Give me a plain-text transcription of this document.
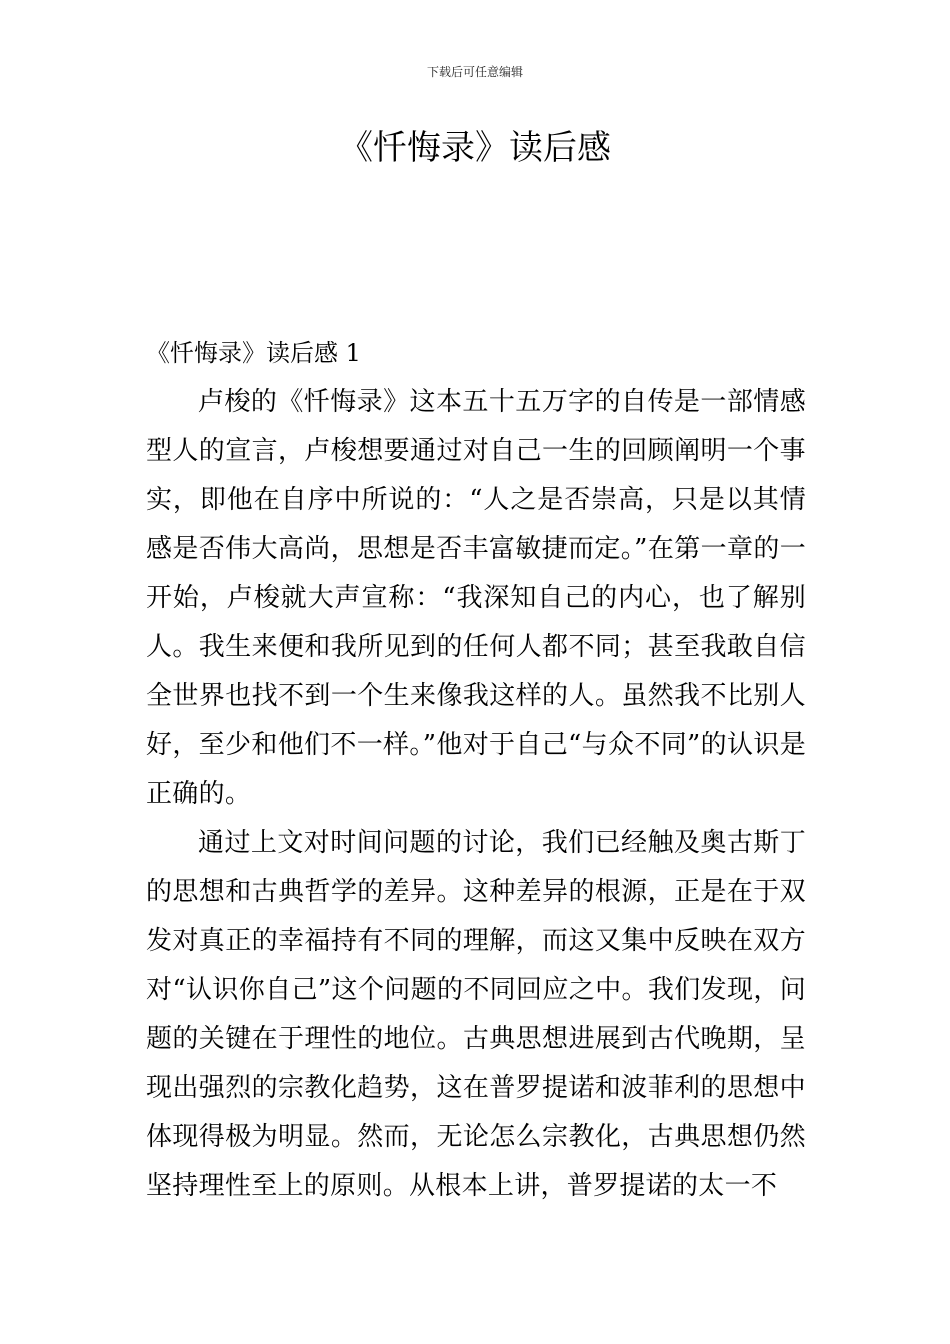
下载后可任意编辑
《忏悔录》读后感
《忏悔录》读后感 1

卢梭的《忏悔录》这本五十五万字的自传是一部情感型人的宣言，卢梭想要通过对自己一生的回顾阐明一个事实，即他在自序中所说的：“人之是否崇高，只是以其情感是否伟大高尚，思想是否丰富敏捷而定。”在第一章的一开始，卢梭就大声宣称：“我深知自己的内心，也了解别人。我生来便和我所见到的任何人都不同；甚至我敢自信全世界也找不到一个生来像我这样的人。虽然我不比别人好，至少和他们不一样。”他对于自己“与众不同”的认识是正确的。

通过上文对时间问题的讨论，我们已经触及奥古斯丁的思想和古典哲学的差异。这种差异的根源，正是在于双发对真正的幸福持有不同的理解，而这又集中反映在双方对“认识你自己”这个问题的不同回应之中。我们发现，问题的关键在于理性的地位。古典思想进展到古代晚期，呈现出强烈的宗教化趋势，这在普罗提诺和波菲利的思想中体现得极为明显。然而，无论怎么宗教化，古典思想仍然坚持理性至上的原则。从根本上讲，普罗提诺的太一不
